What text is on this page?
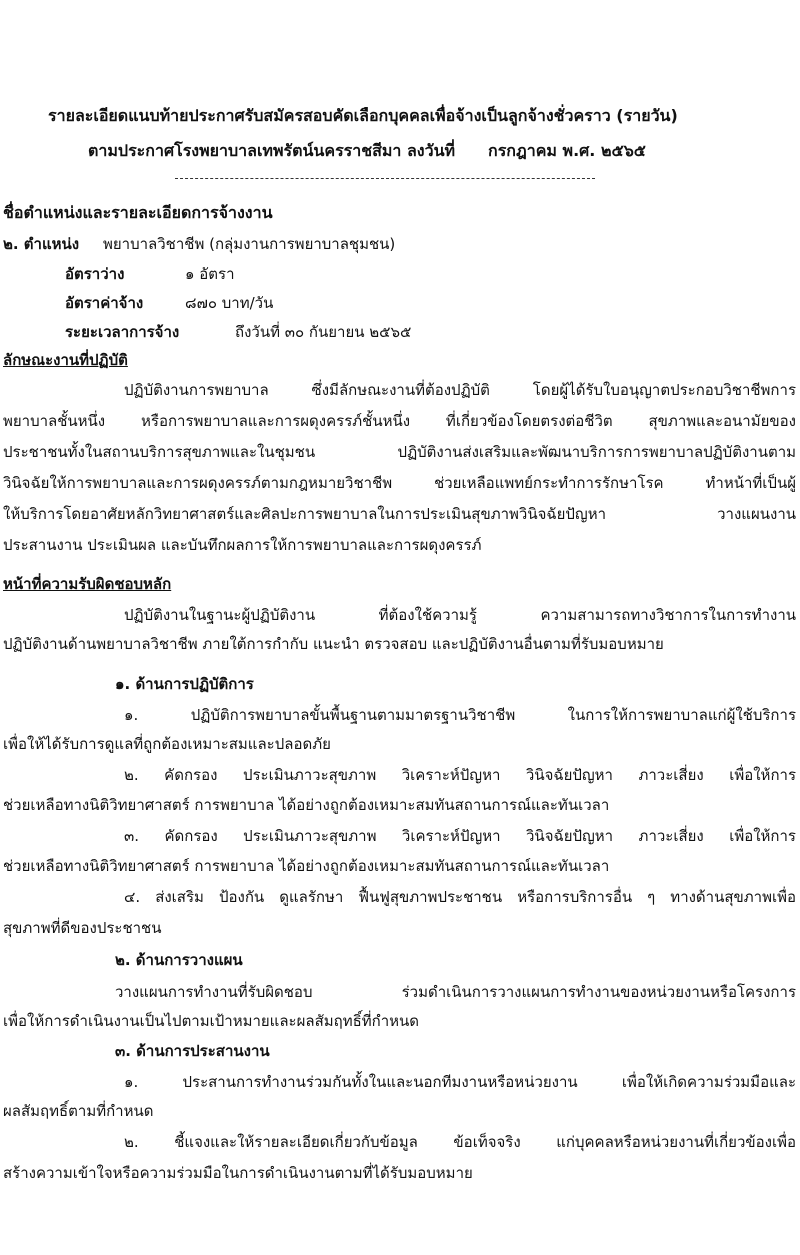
รายละเอียดแนบท้ายประกาศรับสมัครสอบคัดเลือกบุคคลเพื่อจ้างเป็นลูกจ้างชั่วคราว (รายวัน)
ตามประกาศโรงพยาบาลเทพรัตน์นครราชสีมา ลงวันที่ กรกฎาคม พ.ศ. ๒๕๖๕
ชื่อตำแหน่งและรายละเอียดการจ้างงาน
๒. ตำแหน่ง พยาบาลวิชาชีพ (กลุ่มงานการพยาบาลชุมชน)
อัตราว่าง	๑ อัตรา
อัตราค่าจ้าง	๘๗๐ บาท/วัน
ระยะเวลาการจ้าง	ถึงวันที่ ๓๐ กันยายน ๒๕๖๕
ลักษณะงานที่ปฏิบัติ
ปฏิบัติงานการพยาบาล ซึ่งมีลักษณะงานที่ต้องปฏิบัติ โดยผู้ได้รับใบอนุญาตประกอบวิชาชีพการ
พยาบาลชั้นหนึ่ง หรือการพยาบาลและการผดุงครรภ์ชั้นหนึ่ง ที่เกี่ยวข้องโดยตรงต่อชีวิต สุขภาพและอนามัยของ
ประชาชนทั้งในสถานบริการสุขภาพและในชุมชน ปฏิบัติงานส่งเสริมและพัฒนาบริการการพยาบาลปฏิบัติงานตาม
วินิจฉัยให้การพยาบาลและการผดุงครรภ์ตามกฎหมายวิชาชีพ ช่วยเหลือแพทย์กระทำการรักษาโรค ทำหน้าที่เป็นผู้
ให้บริการโดยอาศัยหลักวิทยาศาสตร์และศิลปะการพยาบาลในการประเมินสุขภาพวินิจฉัยปัญหา วางแผนงาน
ประสานงาน ประเมินผล และบันทึกผลการให้การพยาบาลและการผดุงครรภ์
หน้าที่ความรับผิดชอบหลัก
ปฏิบัติงานในฐานะผู้ปฏิบัติงาน ที่ต้องใช้ความรู้ ความสามารถทางวิชาการในการทำงาน
ปฏิบัติงานด้านพยาบาลวิชาชีพ ภายใต้การกำกับ แนะนำ ตรวจสอบ และปฏิบัติงานอื่นตามที่รับมอบหมาย
๑. ด้านการปฏิบัติการ
๑. ปฏิบัติการพยาบาลขั้นพื้นฐานตามมาตรฐานวิชาชีพ ในการให้การพยาบาลแก่ผู้ใช้บริการ
เพื่อให้ได้รับการดูแลที่ถูกต้องเหมาะสมและปลอดภัย
๒. คัดกรอง ประเมินภาวะสุขภาพ วิเคราะห์ปัญหา วินิจฉัยปัญหา ภาวะเสี่ยง เพื่อให้การ
ช่วยเหลือทางนิติวิทยาศาสตร์ การพยาบาล ได้อย่างถูกต้องเหมาะสมทันสถานการณ์และทันเวลา
๓. คัดกรอง ประเมินภาวะสุขภาพ วิเคราะห์ปัญหา วินิจฉัยปัญหา ภาวะเสี่ยง เพื่อให้การ
ช่วยเหลือทางนิติวิทยาศาสตร์ การพยาบาล ได้อย่างถูกต้องเหมาะสมทันสถานการณ์และทันเวลา
๔. ส่งเสริม ป้องกัน ดูแลรักษา ฟื้นฟูสุขภาพประชาชน หรือการบริการอื่น ๆ ทางด้านสุขภาพเพื่อ
สุขภาพที่ดีของประชาชน
๒. ด้านการวางแผน
วางแผนการทำงานที่รับผิดชอบ ร่วมดำเนินการวางแผนการทำงานของหน่วยงานหรือโครงการ
เพื่อให้การดำเนินงานเป็นไปตามเป้าหมายและผลสัมฤทธิ์ที่กำหนด
๓. ด้านการประสานงาน
๑. ประสานการทำงานร่วมกันทั้งในและนอกทีมงานหรือหน่วยงาน เพื่อให้เกิดความร่วมมือและ
ผลสัมฤทธิ์ตามที่กำหนด
๒. ชี้แจงและให้รายละเอียดเกี่ยวกับข้อมูล ข้อเท็จจริง แก่บุคคลหรือหน่วยงานที่เกี่ยวข้องเพื่อ
สร้างความเข้าใจหรือความร่วมมือในการดำเนินงานตามที่ได้รับมอบหมาย
